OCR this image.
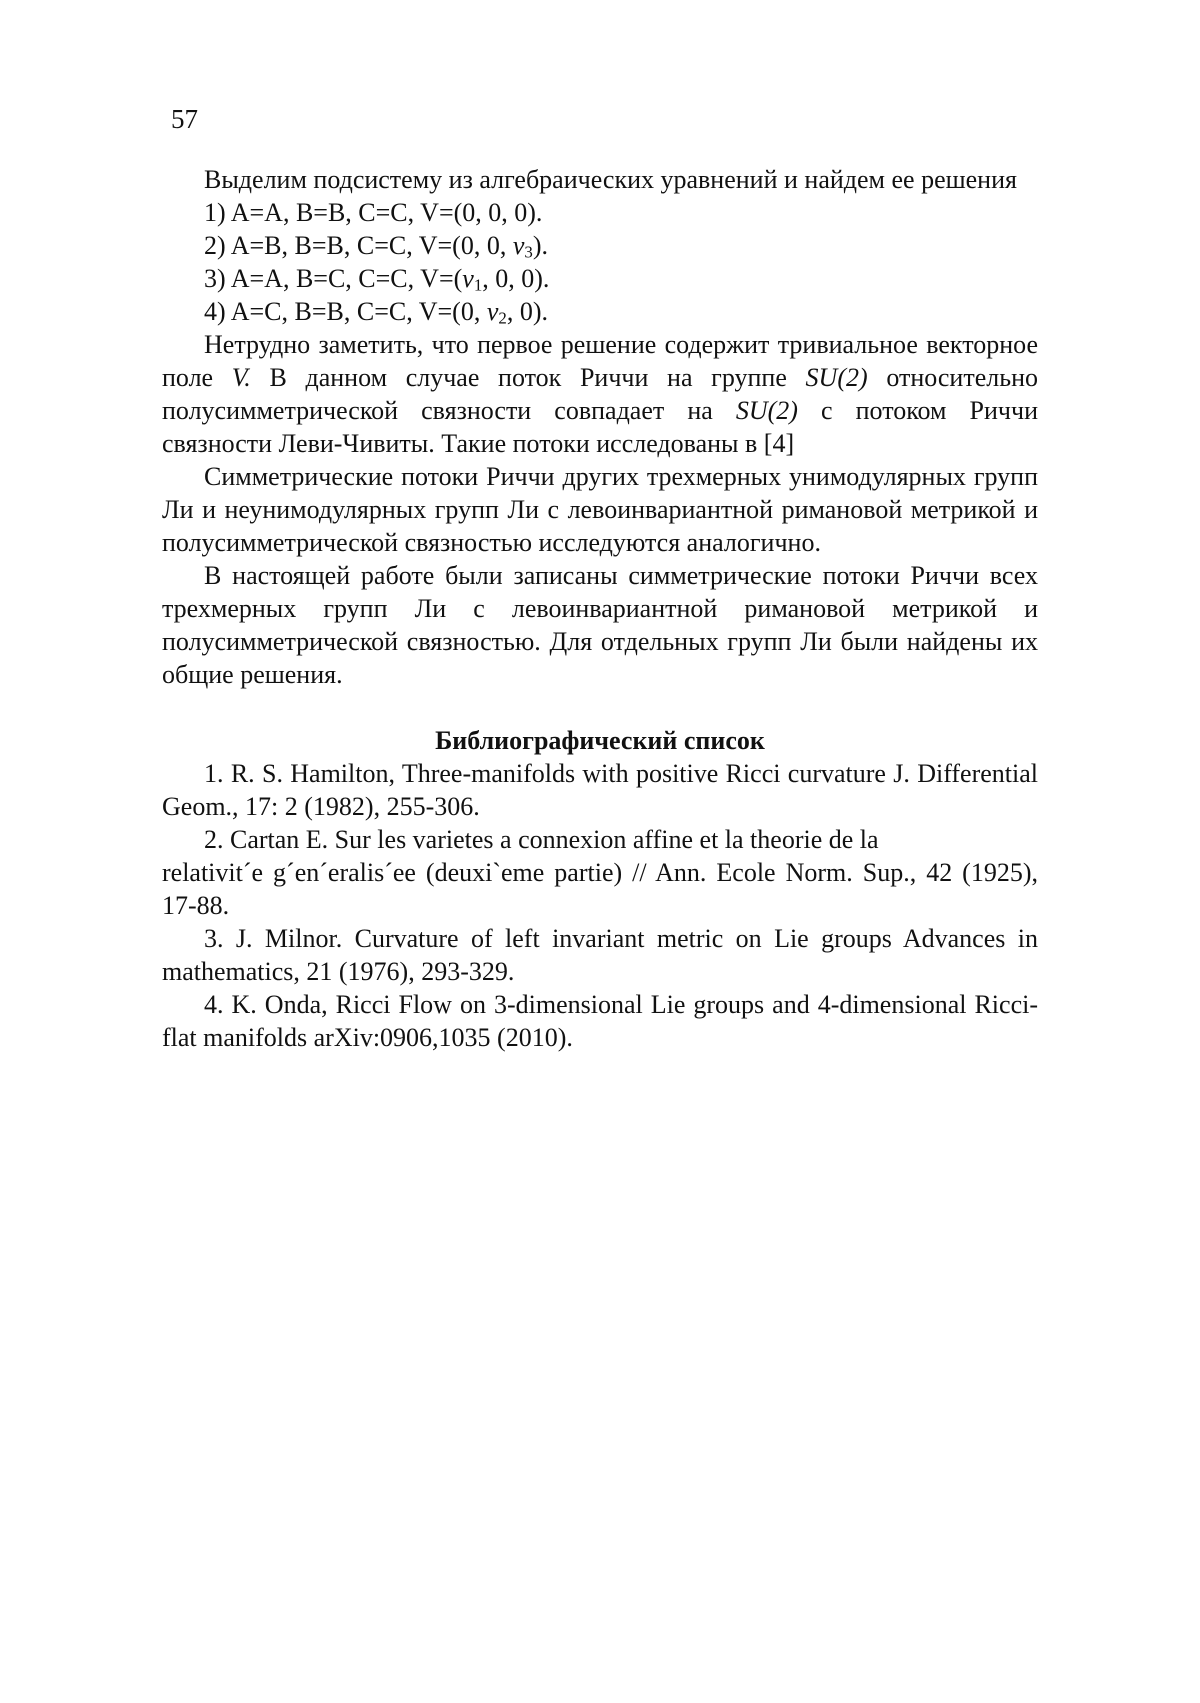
57

Выделим подсистему из алгебраических уравнений и найдем ее решения

1) A=A, B=B, C=C, V=(0, 0, 0).

2) A=B, B=B, C=C, V=(0, 0, v3).

3) A=A, B=C, C=C, V=(v1, 0, 0).

4) A=C, B=B, C=C, V=(0, v2, 0).

Нетрудно заметить, что первое решение содержит тривиальное векторное поле V. В данном случае поток Риччи на группе SU(2) относительно полусимметрической связности совпадает на SU(2) с потоком Риччи связности Леви-Чивиты. Такие потоки исследованы в [4]

Симметрические потоки Риччи других трехмерных унимодулярных групп Ли и неунимодулярных групп Ли с левоинвариантной римановой метрикой и полусимметрической связностью исследуются аналогично.

В настоящей работе были записаны симметрические потоки Риччи всех трехмерных групп Ли с левоинвариантной римановой метрикой и полусимметрической связностью. Для отдельных групп Ли были найдены их общие решения.

Библиографический список

1. R. S. Hamilton, Three-manifolds with positive Ricci curvature J. Differential Geom., 17: 2 (1982), 255-306.

2. Cartan E. Sur les varietes a connexion affine et la theorie de la

relativit´e g´en´eralis´ee (deuxi`eme partie) // Ann. Ecole Norm. Sup., 42 (1925), 17-88.

3. J. Milnor. Curvature of left invariant metric on Lie groups Advances in mathematics, 21 (1976), 293-329.

4. K. Onda, Ricci Flow on 3-dimensional Lie groups and 4-dimensional Ricci-flat manifolds arXiv:0906,1035 (2010).
